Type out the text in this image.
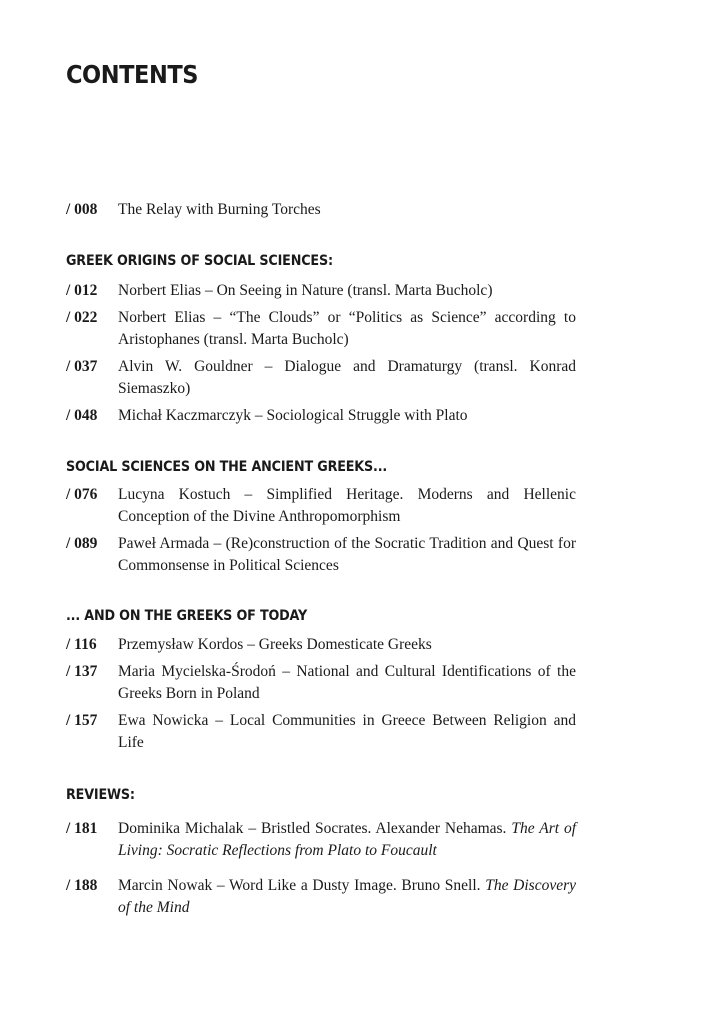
CONTENTS
/ 008 The Relay with Burning Torches
GREEK ORIGINS OF SOCIAL SCIENCES:
/ 012 Norbert Elias – On Seeing in Nature (transl. Marta Bucholc)
/ 022 Norbert Elias – “The Clouds” or “Politics as Science” according to Aristophanes (transl. Marta Bucholc)
/ 037 Alvin W. Gouldner – Dialogue and Dramaturgy (transl. Konrad Siemaszko)
/ 048 Michał Kaczmarczyk – Sociological Struggle with Plato
SOCIAL SCIENCES ON THE ANCIENT GREEKS...
/ 076 Lucyna Kostuch – Simplified Heritage. Moderns and Hellenic Conception of the Divine Anthropomorphism
/ 089 Paweł Armada – (Re)construction of the Socratic Tradition and Quest for Commonsense in Political Sciences
... AND ON THE GREEKS OF TODAY
/ 116 Przemysław Kordos – Greeks Domesticate Greeks
/ 137 Maria Mycielska-Środoń – National and Cultural Identifications of the Greeks Born in Poland
/ 157 Ewa Nowicka – Local Communities in Greece Between Religion and Life
REVIEWS:
/ 181 Dominika Michalak – Bristled Socrates. Alexander Nehamas. The Art of Living: Socratic Reflections from Plato to Foucault
/ 188 Marcin Nowak – Word Like a Dusty Image. Bruno Snell. The Discovery of the Mind
